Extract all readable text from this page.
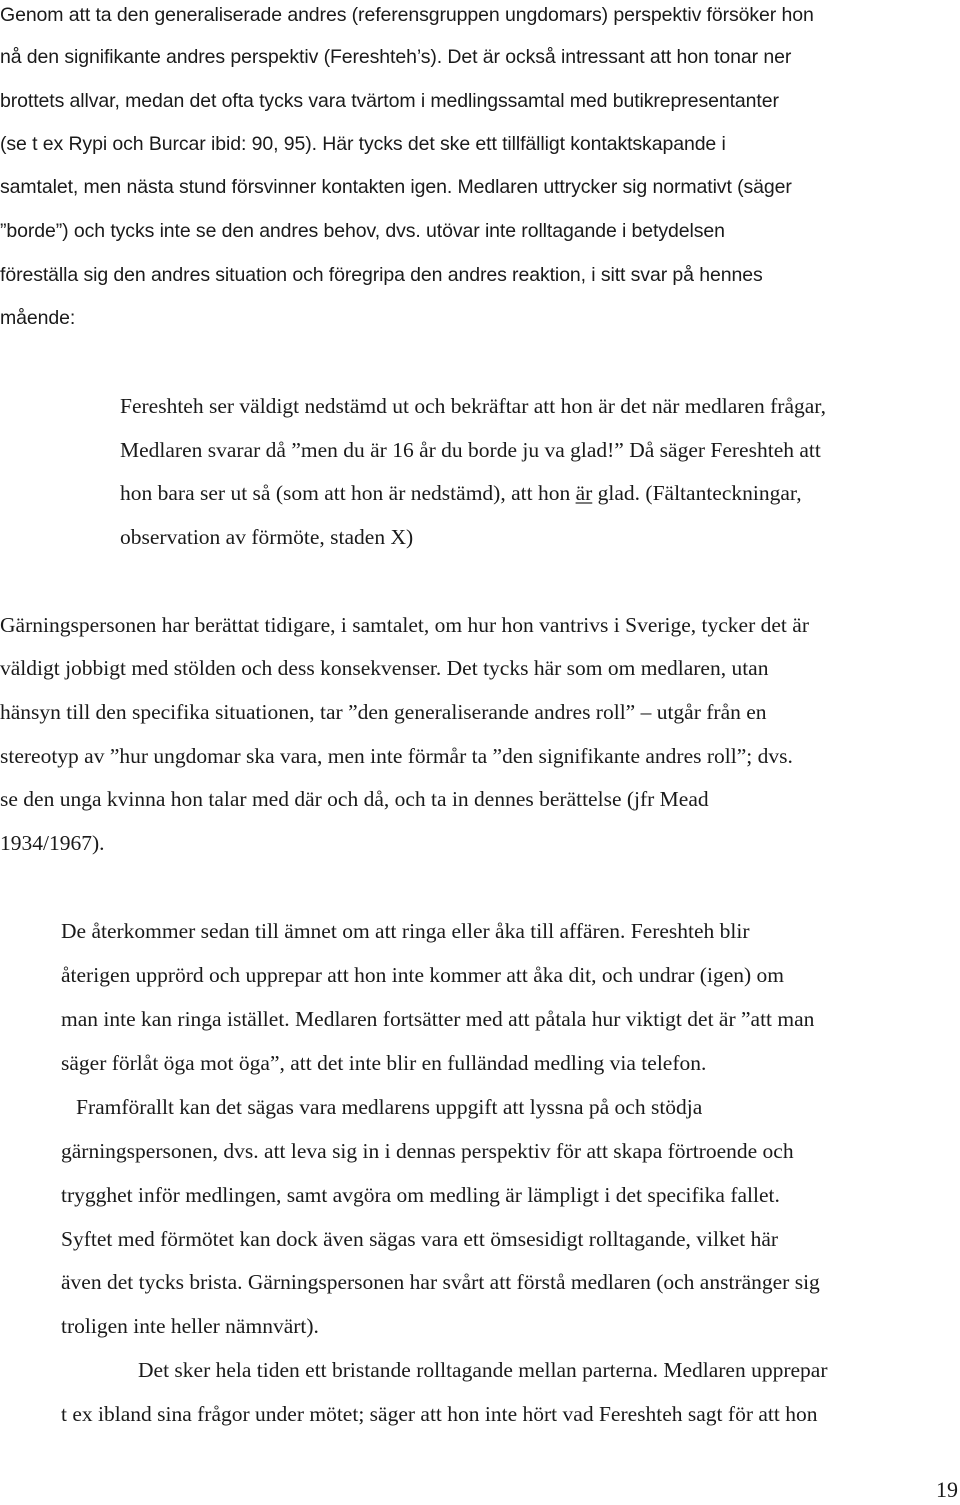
Genom att ta den generaliserade andres (referensgruppen ungdomars) perspektiv försöker hon
nå den signifikante andres perspektiv (Fereshteh’s). Det är också intressant att hon tonar ner
brottets allvar, medan det ofta tycks vara tvärtom i medlingssamtal med butikrepresentanter
(se t ex Rypi och Burcar ibid: 90, 95). Här tycks det ske ett tillfälligt kontaktskapande i
samtalet, men nästa stund försvinner kontakten igen. Medlaren uttrycker sig normativt (säger
”borde”) och tycks inte se den andres behov, dvs. utövar inte rolltagande i betydelsen
föreställa sig den andres situation och föregripa den andres reaktion, i sitt svar på hennes
mående:
Fereshteh ser väldigt nedstämd ut och bekräftar att hon är det när medlaren frågar,
Medlaren svarar då ”men du är 16 år du borde ju va glad!” Då säger Fereshteh att
hon bara ser ut så (som att hon är nedstämd), att hon är glad. (Fältanteckningar,
observation av förmöte, staden X)
Gärningspersonen har berättat tidigare, i samtalet, om hur hon vantrivs i Sverige, tycker det är
väldigt jobbigt med stölden och dess konsekvenser. Det tycks här som om medlaren, utan
hänsyn till den specifika situationen, tar ”den generaliserande andres roll” – utgår från en
stereotyp av ”hur ungdomar ska vara, men inte förmår ta ”den signifikante andres roll”; dvs.
se den unga kvinna hon talar med där och då, och ta in dennes berättelse (jfr Mead
1934/1967).
De återkommer sedan till ämnet om att ringa eller åka till affären. Fereshteh blir
återigen upprörd och upprepar att hon inte kommer att åka dit, och undrar (igen) om
man inte kan ringa istället. Medlaren fortsätter med att påtala hur viktigt det är ”att man
säger förlåt öga mot öga”, att det inte blir en fulländad medling via telefon.
Framförallt kan det sägas vara medlarens uppgift att lyssna på och stödja
gärningspersonen, dvs. att leva sig in i dennas perspektiv för att skapa förtroende och
trygghet inför medlingen, samt avgöra om medling är lämpligt i det specifika fallet.
Syftet med förmötet kan dock även sägas vara ett ömsesidigt rolltagande, vilket här
även det tycks brista. Gärningspersonen har svårt att förstå medlaren (och anstränger sig
troligen inte heller nämnvärt).
Det sker hela tiden ett bristande rolltagande mellan parterna. Medlaren upprepar
t ex ibland sina frågor under mötet; säger att hon inte hört vad Fereshteh sagt för att hon
19
